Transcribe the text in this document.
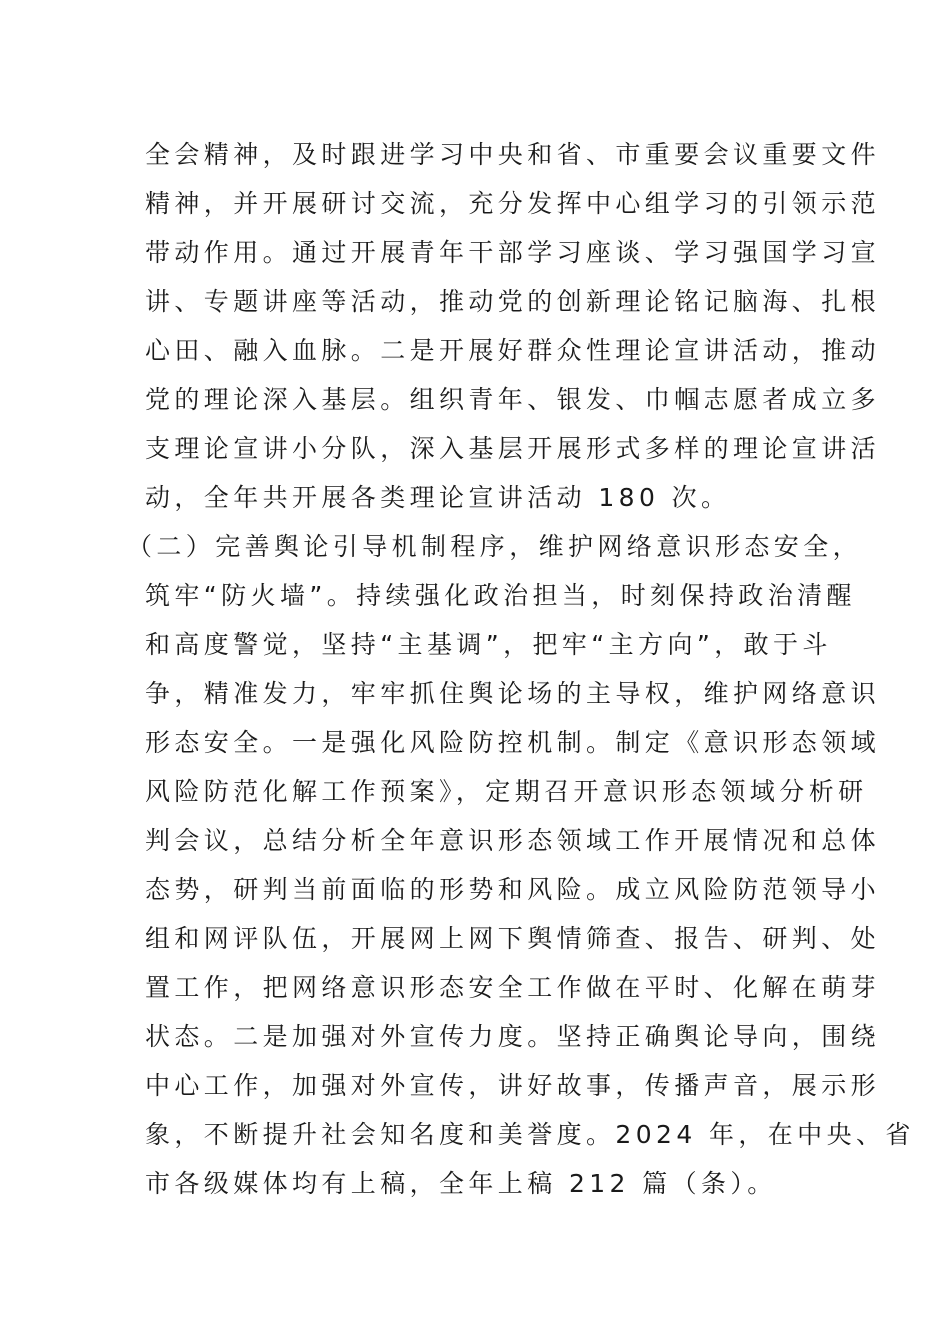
全会精神，及时跟进学习中央和省、市重要会议重要文件
精神，并开展研讨交流，充分发挥中心组学习的引领示范
带动作用。通过开展青年干部学习座谈、学习强国学习宣
讲、专题讲座等活动，推动党的创新理论铭记脑海、扎根
心田、融入血脉。二是开展好群众性理论宣讲活动，推动
党的理论深入基层。组织青年、银发、巾帼志愿者成立多
支理论宣讲小分队，深入基层开展形式多样的理论宣讲活
动，全年共开展各类理论宣讲活动 180 次。
（二）完善舆论引导机制程序，维护网络意识形态安全，
筑牢“防火墙”。持续强化政治担当，时刻保持政治清醒
和高度警觉，坚持“主基调”，把牢“主方向”，敢于斗
争，精准发力，牢牢抓住舆论场的主导权，维护网络意识
形态安全。一是强化风险防控机制。制定《意识形态领域
风险防范化解工作预案》，定期召开意识形态领域分析研
判会议，总结分析全年意识形态领域工作开展情况和总体
态势，研判当前面临的形势和风险。成立风险防范领导小
组和网评队伍，开展网上网下舆情筛查、报告、研判、处
置工作，把网络意识形态安全工作做在平时、化解在萌芽
状态。二是加强对外宣传力度。坚持正确舆论导向，围绕
中心工作，加强对外宣传，讲好故事，传播声音，展示形
象，不断提升社会知名度和美誉度。2024 年，在中央、省
市各级媒体均有上稿，全年上稿 212 篇（条）。
